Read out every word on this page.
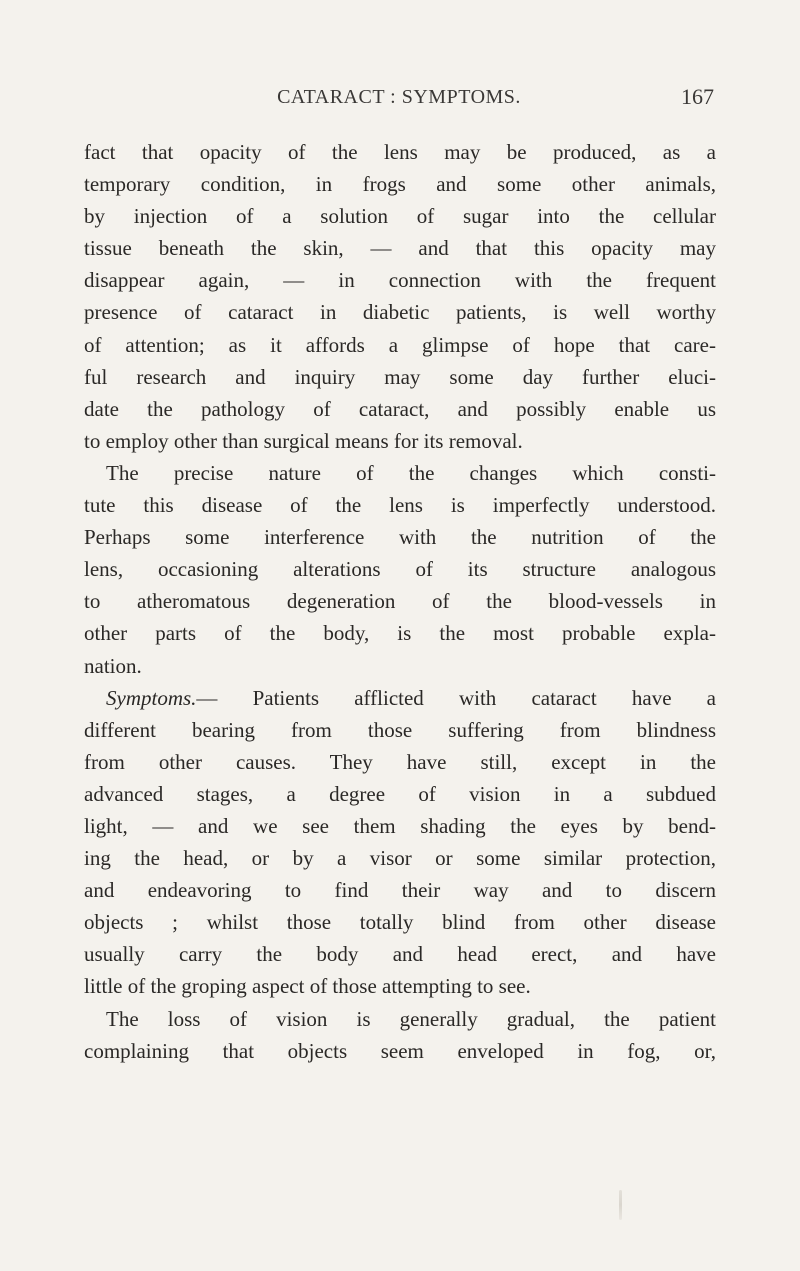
CATARACT : SYMPTOMS.	167
fact that opacity of the lens may be produced, as a
temporary condition, in frogs and some other animals,
by injection of a solution of sugar into the cellular
tissue beneath the skin, — and that this opacity may
disappear again, — in connection with the frequent
presence of cataract in diabetic patients, is well worthy
of attention; as it affords a glimpse of hope that care-
ful research and inquiry may some day further eluci-
date the pathology of cataract, and possibly enable us
to employ other than surgical means for its removal.
The precise nature of the changes which consti-
tute this disease of the lens is imperfectly understood.
Perhaps some interference with the nutrition of the
lens, occasioning alterations of its structure analogous
to atheromatous degeneration of the blood-vessels in
other parts of the body, is the most probable expla-
nation.
Symptoms.— Patients afflicted with cataract have a
different bearing from those suffering from blindness
from other causes. They have still, except in the
advanced stages, a degree of vision in a subdued
light, — and we see them shading the eyes by bend-
ing the head, or by a visor or some similar protection,
and endeavoring to find their way and to discern
objects ; whilst those totally blind from other disease
usually carry the body and head erect, and have
little of the groping aspect of those attempting to see.
The loss of vision is generally gradual, the patient
complaining that objects seem enveloped in fog, or,
